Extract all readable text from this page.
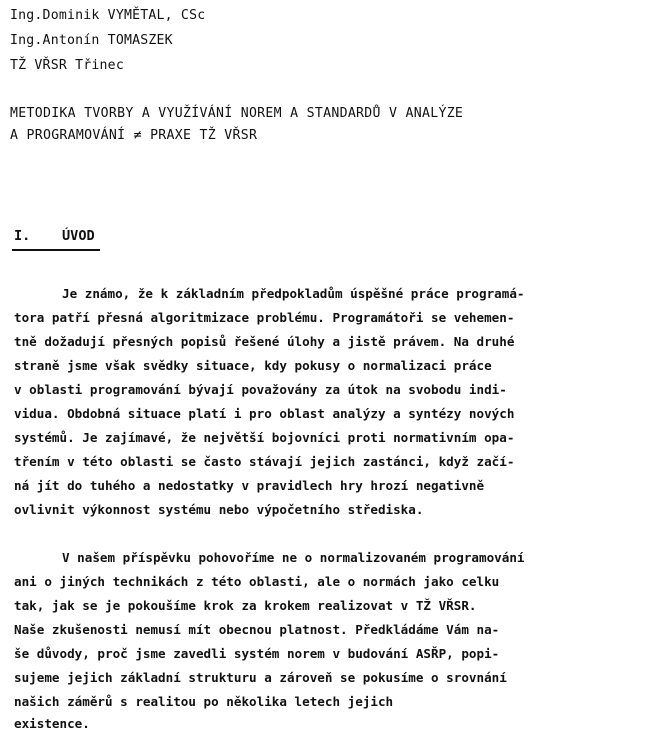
Ing.Dominik VYMĚTAL, CSc
Ing.Antonín TOMASZEK
TŽ VŘSR Třinec
METODIKA TVORBY A VYUŽÍVÁNÍ NOREM A STANDARDŮ V ANALÝZE
A PROGRAMOVÁNÍ ≠ PRAXE TŽ VŘSR
I. ÚVOD
Je známo, že k základním předpokladům úspěšné práce programá-
tora patří přesná algoritmizace problému. Programátoři se vehemen-
tně dožadují přesných popisů řešené úlohy a jistě právem. Na druhé
straně jsme však svědky situace, kdy pokusy o normalizaci práce
v oblasti programování bývají považovány za útok na svobodu indi-
vidua. Obdobná situace platí i pro oblast analýzy a syntézy nových
systémů. Je zajímavé, že největší bojovníci proti normativním opa-
třením v této oblasti se často stávají jejich zastánci, když začí-
ná jít do tuhého a nedostatky v pravidlech hry hrozí negativně
ovlivnit výkonnost systému nebo výpočetního střediska.
V našem příspěvku pohovoříme ne o normalizovaném programování
ani o jiných technikách z této oblasti, ale o normách jako celku
tak, jak se je pokoušíme krok za krokem realizovat v TŽ VŘSR.
Naše zkušenosti nemusí mít obecnou platnost. Předkládáme Vám na-
še důvody, proč jsme zavedli systém norem v budování ASŘP, popi-
sujeme jejich základní strukturu a zároveň se pokusíme o srovnání
našich záměrů s realitou po několika letech jejich
existence.
